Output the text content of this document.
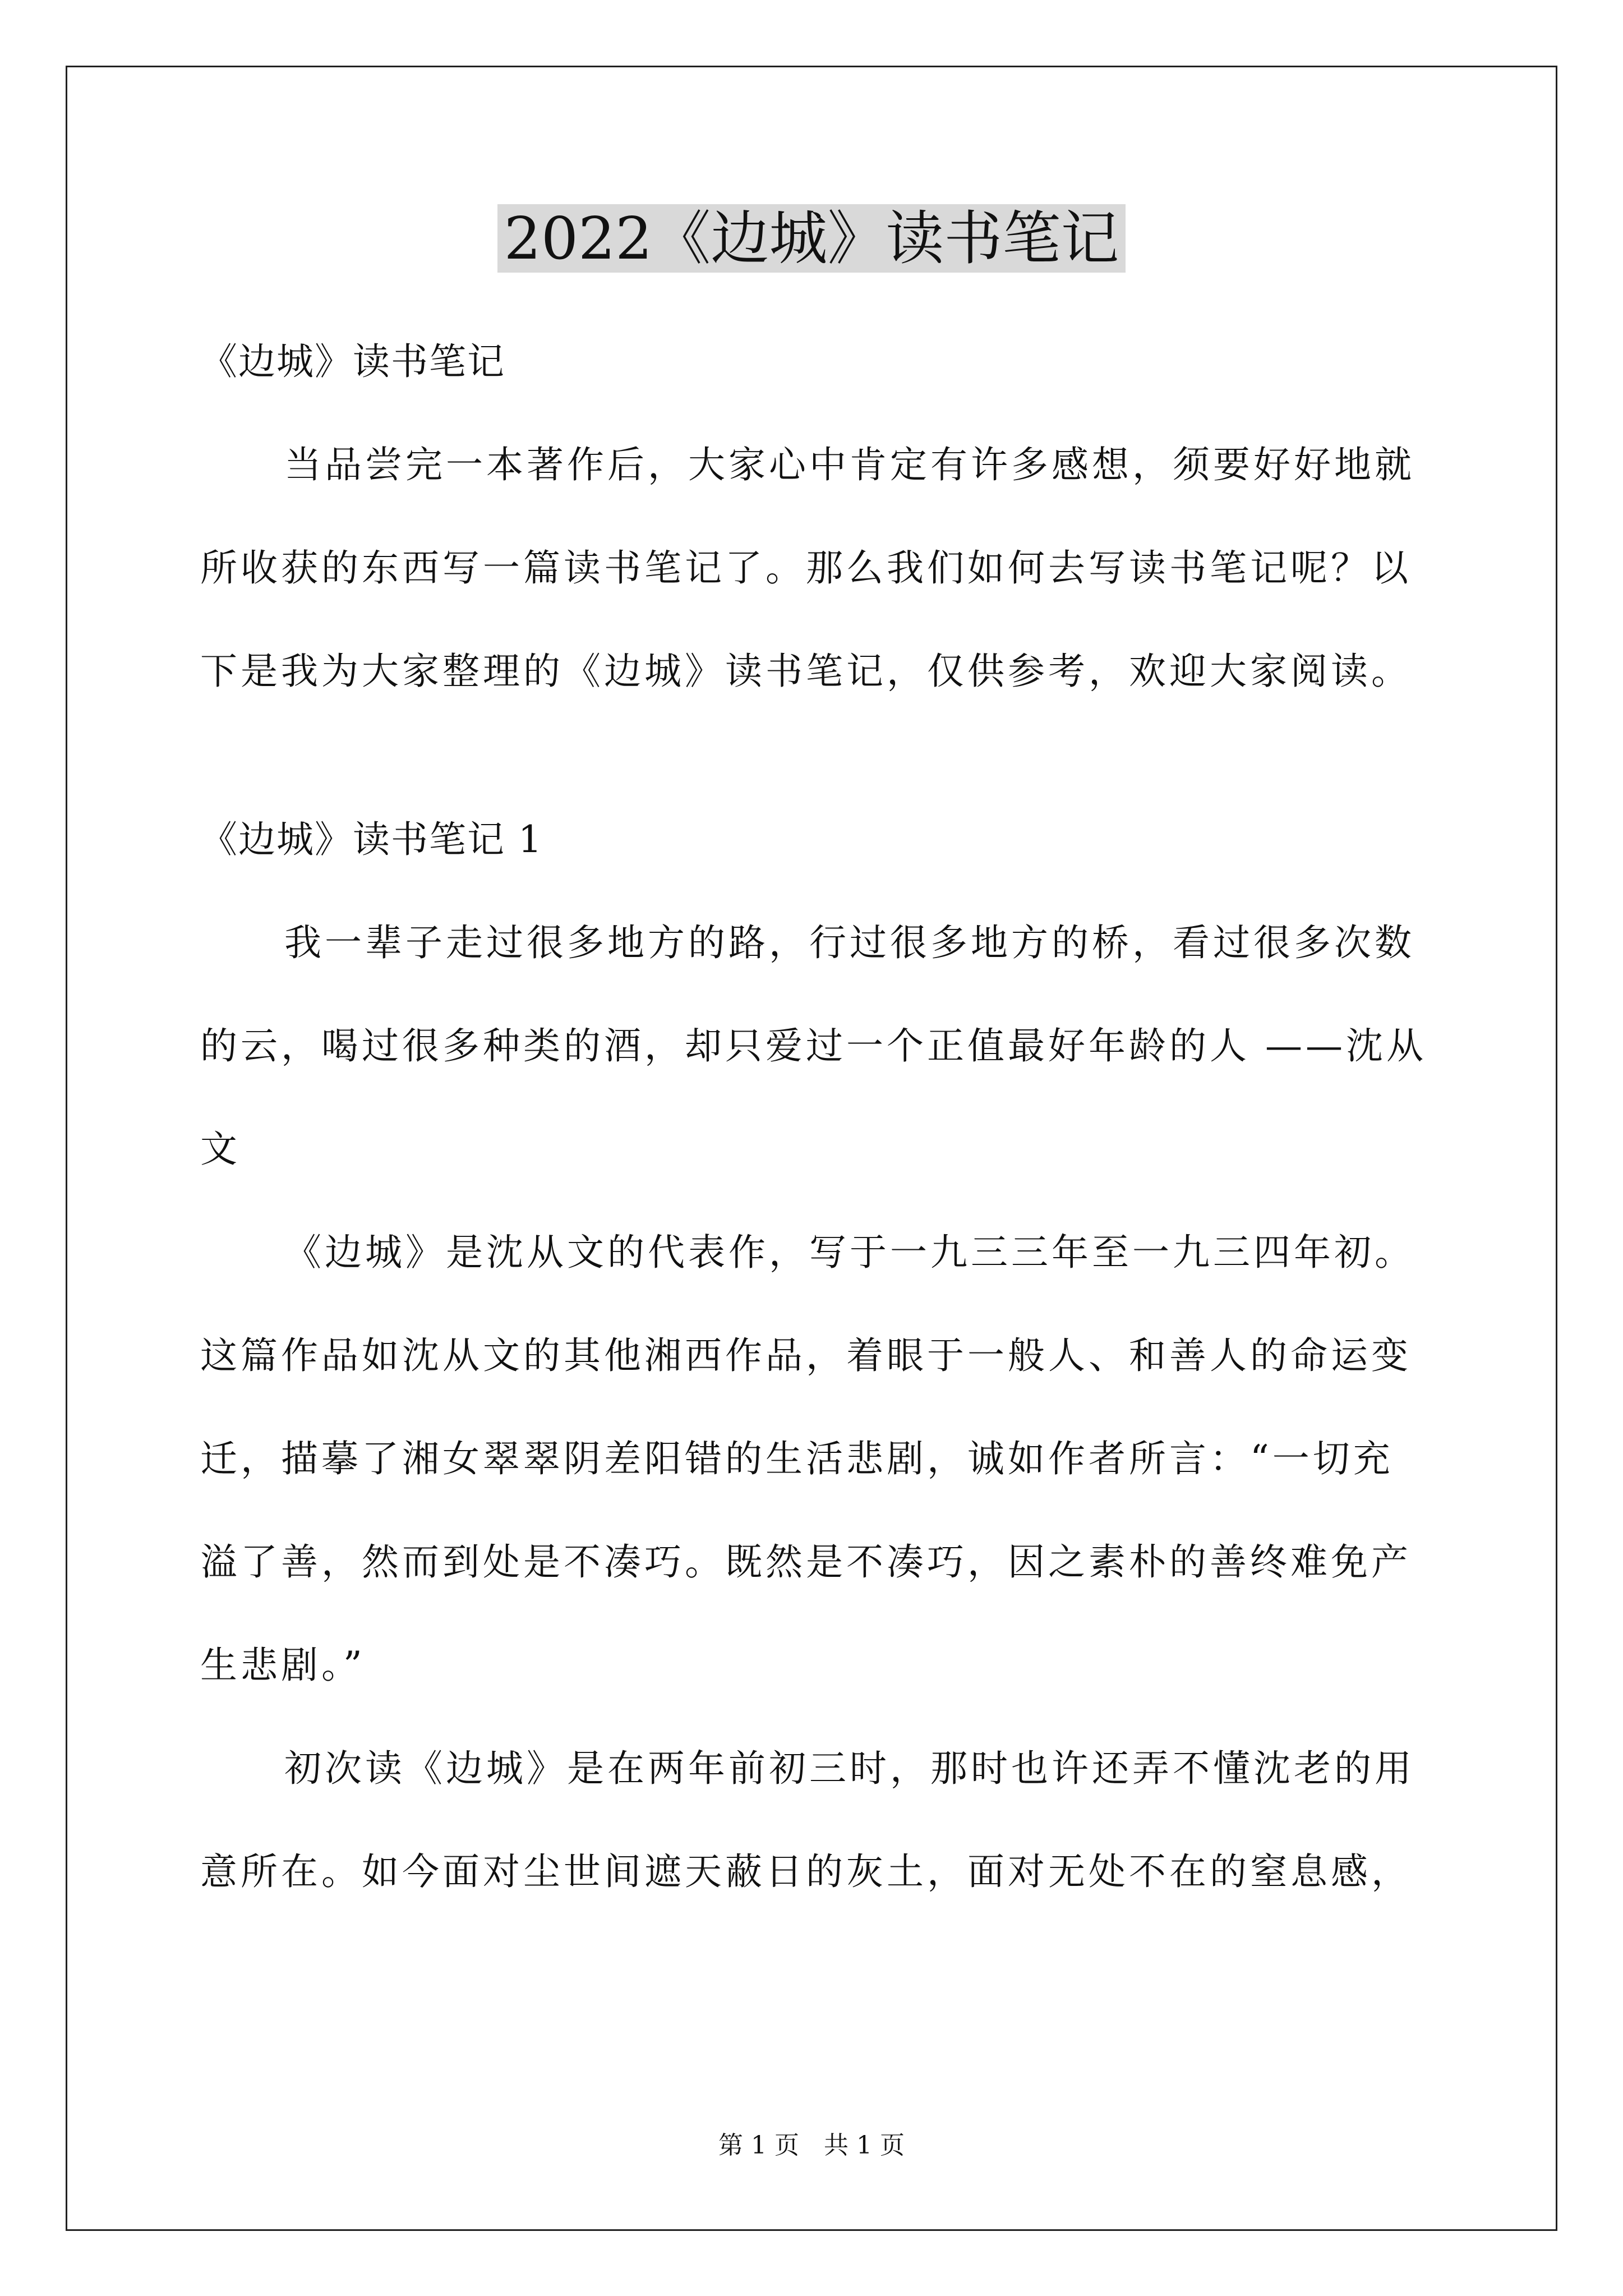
2022《边城》读书笔记

《边城》读书笔记

当品尝完一本著作后，大家心中肯定有许多感想，须要好好地就

所收获的东西写一篇读书笔记了。那么我们如何去写读书笔记呢？以

下是我为大家整理的《边城》读书笔记，仅供参考，欢迎大家阅读。

《边城》读书笔记 1

我一辈子走过很多地方的路，行过很多地方的桥，看过很多次数

的云，喝过很多种类的酒，却只爱过一个正值最好年龄的人 ——沈从

文

《边城》是沈从文的代表作，写于一九三三年至一九三四年初。

这篇作品如沈从文的其他湘西作品，着眼于一般人、和善人的命运变

迁，描摹了湘女翠翠阴差阳错的生活悲剧，诚如作者所言：“一切充

溢了善，然而到处是不凑巧。既然是不凑巧，因之素朴的善终难免产

生悲剧。”

初次读《边城》是在两年前初三时，那时也许还弄不懂沈老的用

意所在。如今面对尘世间遮天蔽日的灰土，面对无处不在的窒息感，

第 1 页　共 1 页
